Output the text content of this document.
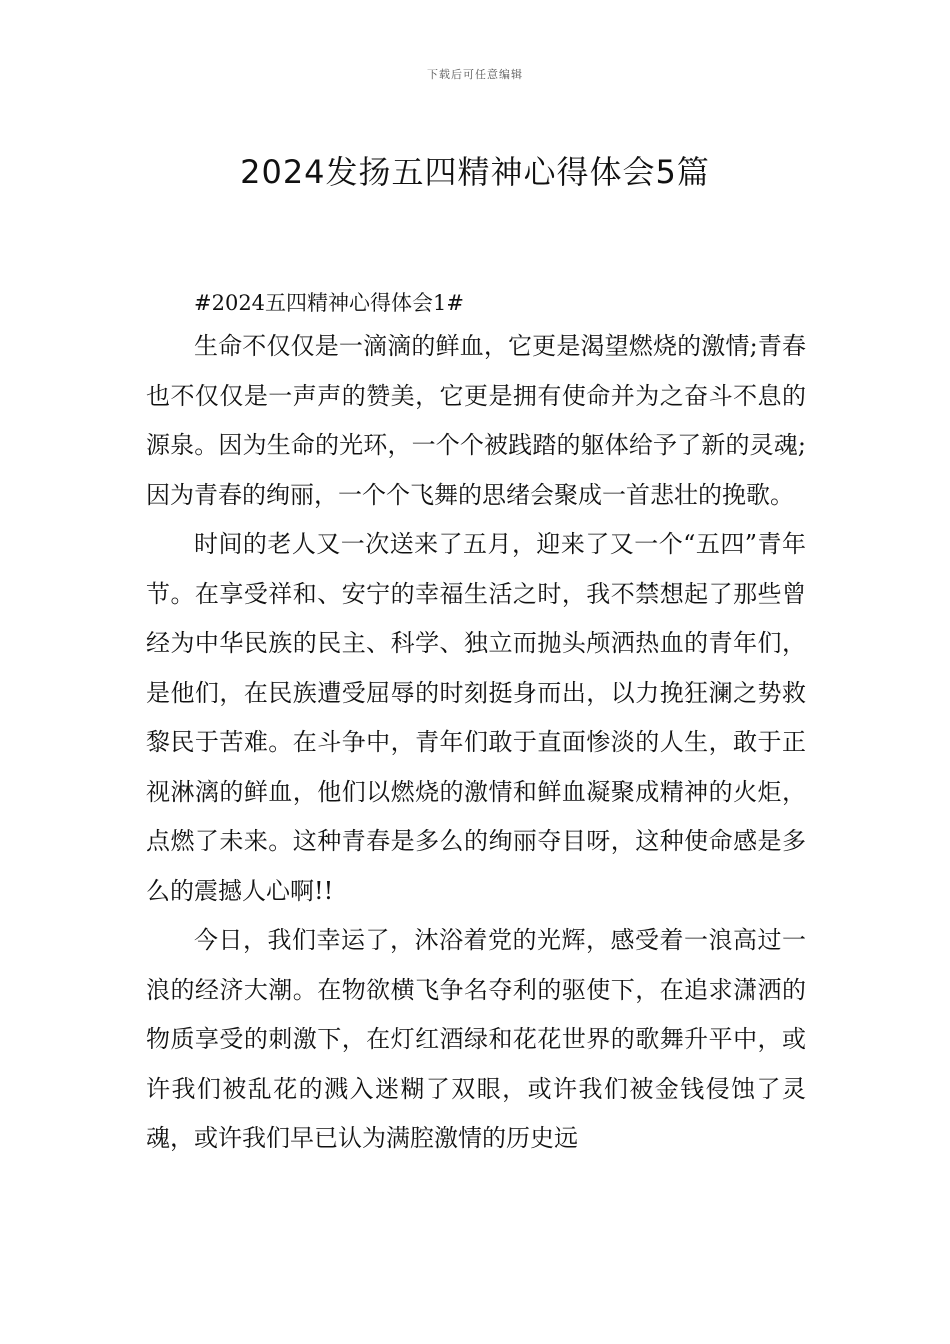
下载后可任意编辑
2024发扬五四精神心得体会5篇

#2024五四精神心得体会1#

生命不仅仅是一滴滴的鲜血，它更是渴望燃烧的激情;青春也不仅仅是一声声的赞美，它更是拥有使命并为之奋斗不息的源泉。因为生命的光环，一个个被践踏的躯体给予了新的灵魂;因为青春的绚丽，一个个飞舞的思绪会聚成一首悲壮的挽歌。

时间的老人又一次送来了五月，迎来了又一个“五四”青年节。在享受祥和、安宁的幸福生活之时，我不禁想起了那些曾经为中华民族的民主、科学、独立而抛头颅洒热血的青年们，是他们，在民族遭受屈辱的时刻挺身而出，以力挽狂澜之势救黎民于苦难。在斗争中，青年们敢于直面惨淡的人生，敢于正视淋漓的鲜血，他们以燃烧的激情和鲜血凝聚成精神的火炬，点燃了未来。这种青春是多么的绚丽夺目呀，这种使命感是多么的震撼人心啊!!

今日，我们幸运了，沐浴着党的光辉，感受着一浪高过一浪的经济大潮。在物欲横飞争名夺利的驱使下，在追求潇洒的物质享受的刺激下，在灯红酒绿和花花世界的歌舞升平中，或许我们被乱花的溅入迷糊了双眼，或许我们被金钱侵蚀了灵魂，或许我们早已认为满腔激情的历史远
